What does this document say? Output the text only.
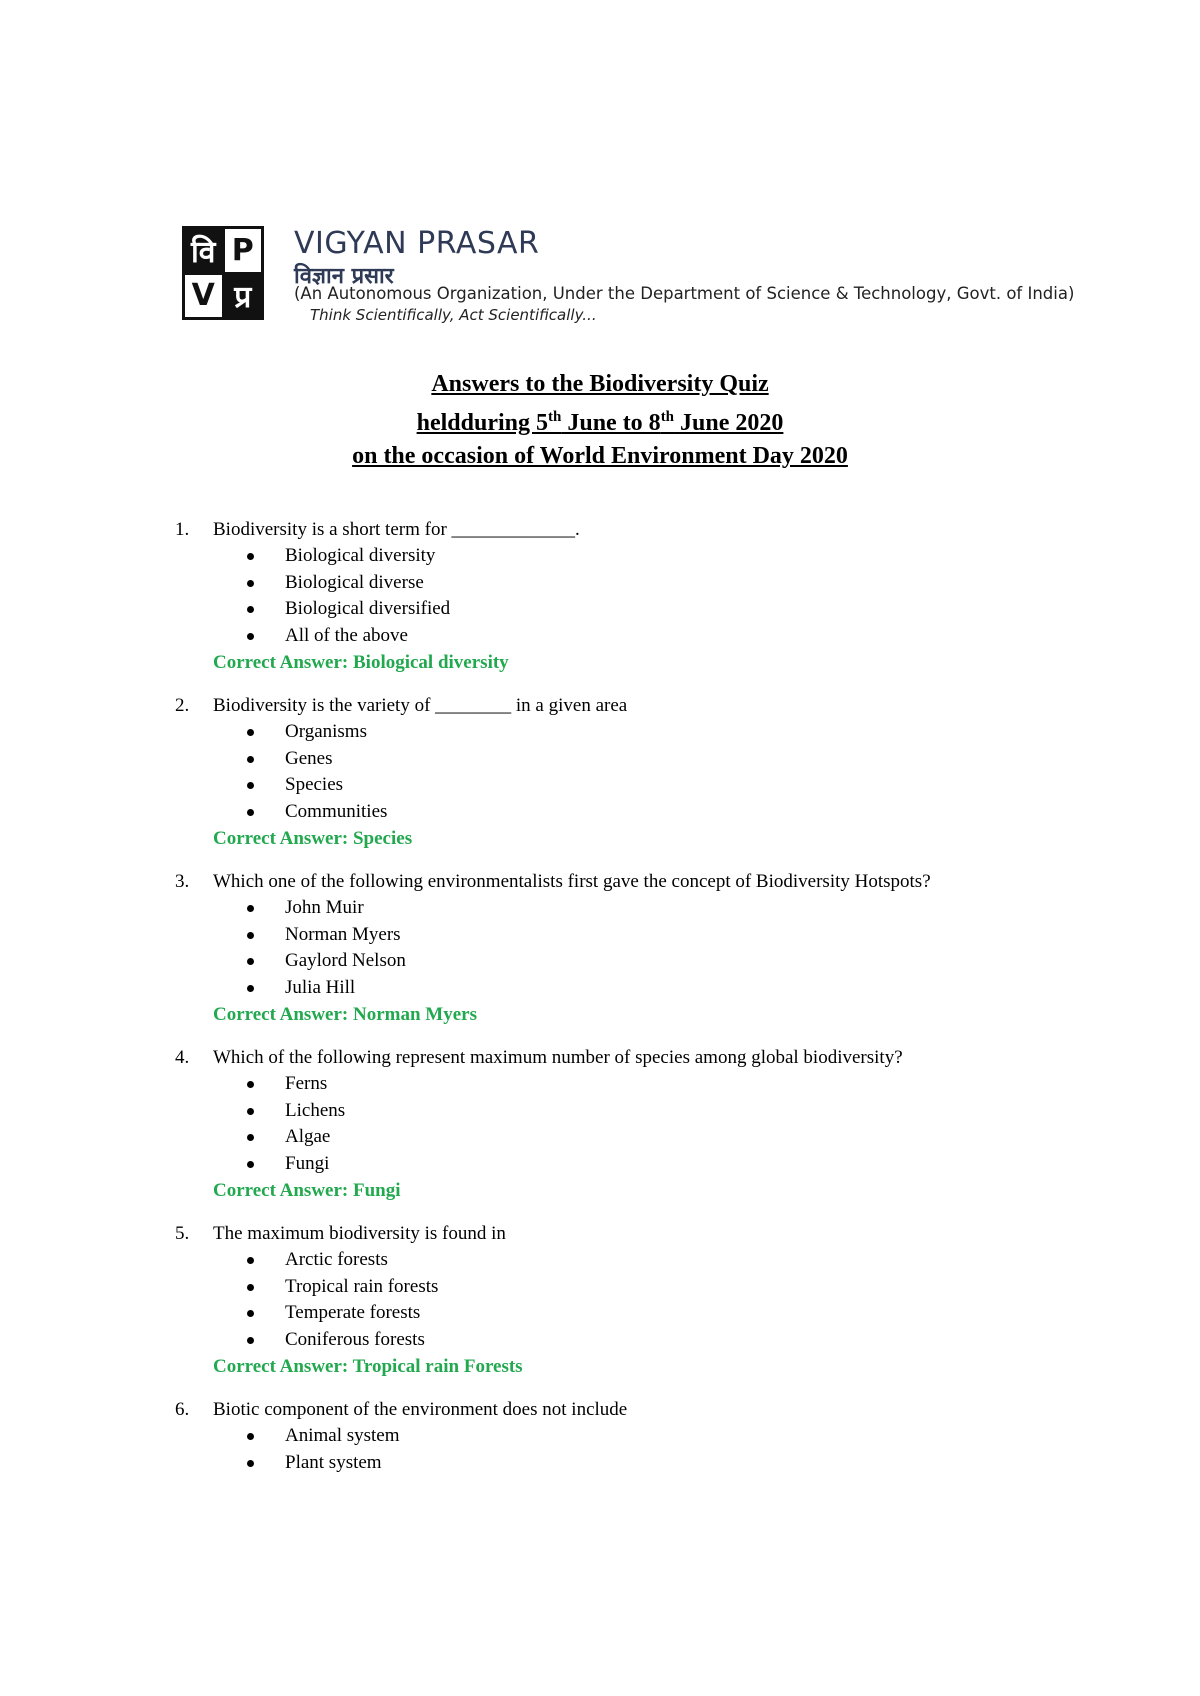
वि P
V प्र
VIGYAN PRASAR
विज्ञान प्रसार
(An Autonomous Organization, Under the Department of Science & Technology, Govt. of India)
Think Scientifically, Act Scientifically...
Answers to the Biodiversity Quiz
heldduring 5th June to 8th June 2020
on the occasion of World Environment Day 2020
1. Biodiversity is a short term for _____________.
Biological diversity
Biological diverse
Biological diversified
All of the above
Correct Answer: Biological diversity
2. Biodiversity is the variety of ________ in a given area
Organisms
Genes
Species
Communities
Correct Answer: Species
3. Which one of the following environmentalists first gave the concept of Biodiversity Hotspots?
John Muir
Norman Myers
Gaylord Nelson
Julia Hill
Correct Answer: Norman Myers
4. Which of the following represent maximum number of species among global biodiversity?
Ferns
Lichens
Algae
Fungi
Correct Answer: Fungi
5. The maximum biodiversity is found in
Arctic forests
Tropical rain forests
Temperate forests
Coniferous forests
Correct Answer: Tropical rain Forests
6. Biotic component of the environment does not include
Animal system
Plant system
